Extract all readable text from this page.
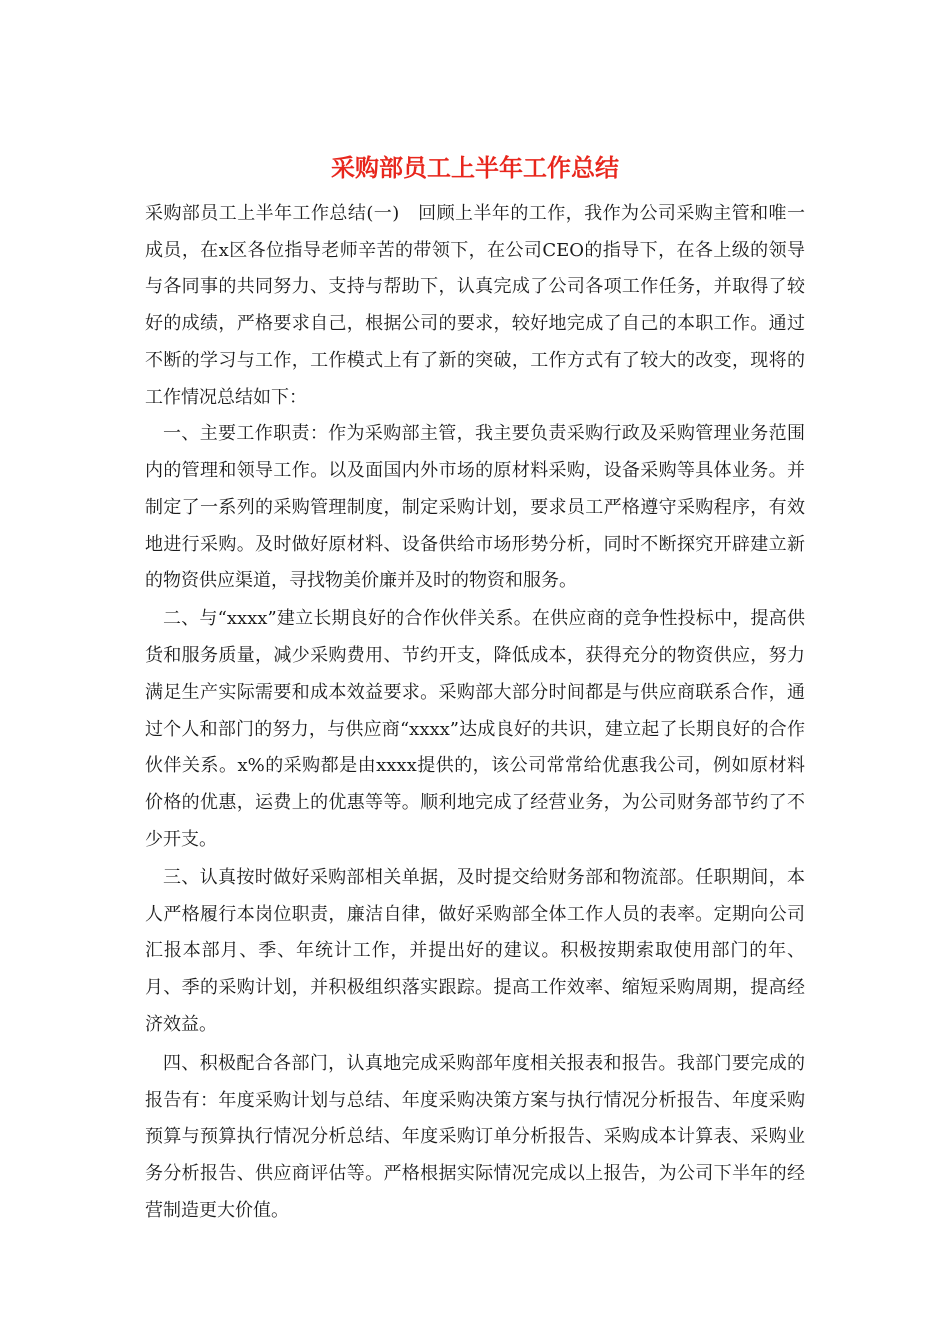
采购部员工上半年工作总结

采购部员工上半年工作总结(一)　回顾上半年的工作，我作为公司采购主管和唯一成员，在x区各位指导老师辛苦的带领下，在公司CEO的指导下，在各上级的领导与各同事的共同努力、支持与帮助下，认真完成了公司各项工作任务，并取得了较好的成绩，严格要求自己，根据公司的要求，较好地完成了自己的本职工作。通过不断的学习与工作，工作模式上有了新的突破，工作方式有了较大的改变，现将的工作情况总结如下：

一、主要工作职责：作为采购部主管，我主要负责采购行政及采购管理业务范围内的管理和领导工作。以及面国内外市场的原材料采购，设备采购等具体业务。并制定了一系列的采购管理制度，制定采购计划，要求员工严格遵守采购程序，有效地进行采购。及时做好原材料、设备供给市场形势分析，同时不断探究开辟建立新的物资供应渠道，寻找物美价廉并及时的物资和服务。

二、与“xxxx”建立长期良好的合作伙伴关系。在供应商的竞争性投标中，提高供货和服务质量，减少采购费用、节约开支，降低成本，获得充分的物资供应，努力满足生产实际需要和成本效益要求。采购部大部分时间都是与供应商联系合作，通过个人和部门的努力，与供应商“xxxx”达成良好的共识，建立起了长期良好的合作伙伴关系。x%的采购都是由xxxx提供的，该公司常常给优惠我公司，例如原材料价格的优惠，运费上的优惠等等。顺利地完成了经营业务，为公司财务部节约了不少开支。

三、认真按时做好采购部相关单据，及时提交给财务部和物流部。任职期间，本人严格履行本岗位职责，廉洁自律，做好采购部全体工作人员的表率。定期向公司汇报本部月、季、年统计工作，并提出好的建议。积极按期索取使用部门的年、月、季的采购计划，并积极组织落实跟踪。提高工作效率、缩短采购周期，提高经济效益。

四、积极配合各部门，认真地完成采购部年度相关报表和报告。我部门要完成的报告有：年度采购计划与总结、年度采购决策方案与执行情况分析报告、年度采购预算与预算执行情况分析总结、年度采购订单分析报告、采购成本计算表、采购业务分析报告、供应商评估等。严格根据实际情况完成以上报告，为公司下半年的经营制造更大价值。
